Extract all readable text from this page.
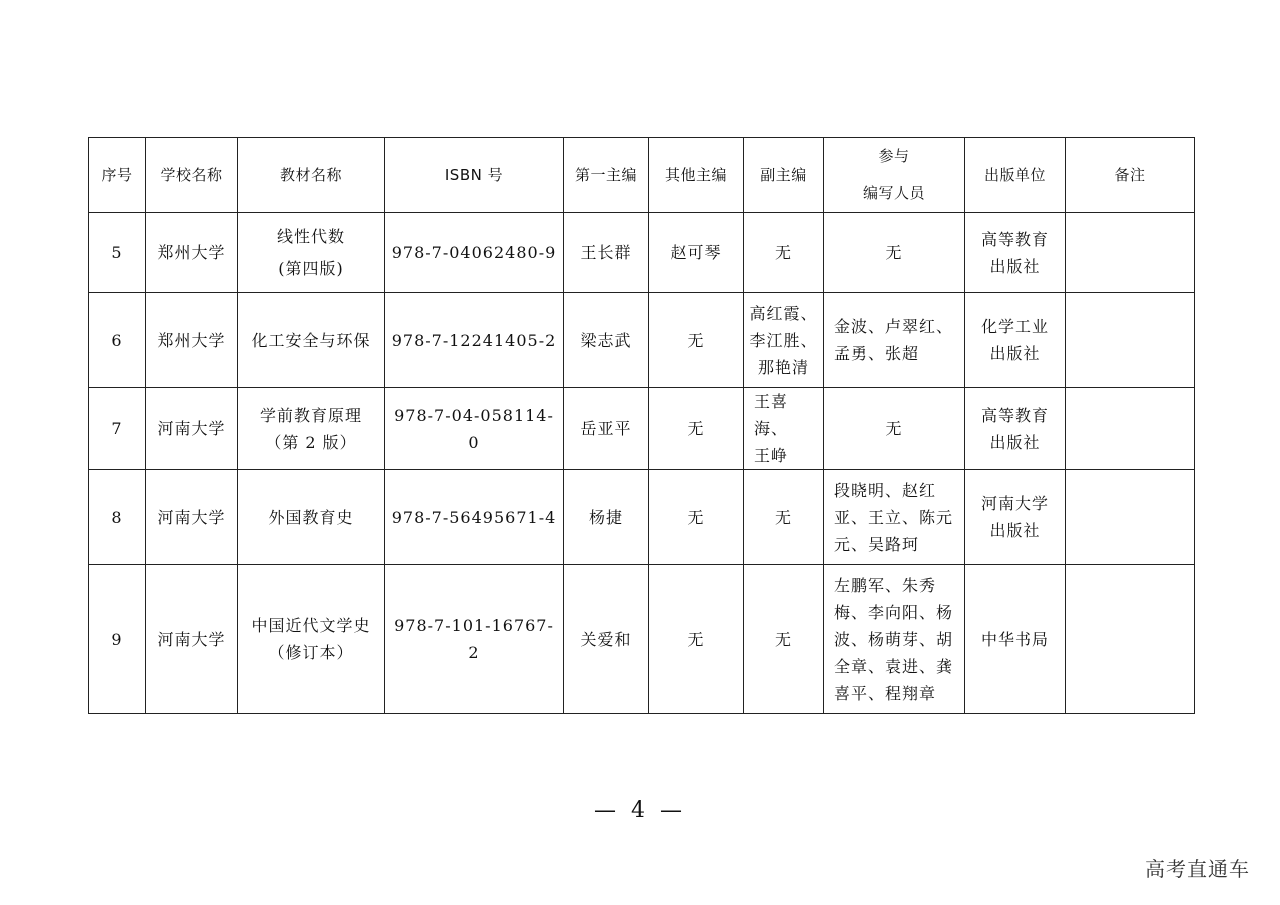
序号	学校名称	教材名称	ISBN 号	第一主编	其他主编	副主编	参与
编写人员	出版单位	备注
5	郑州大学	线性代数
(第四版)	978-7-04062480-9	王长群	赵可琴	无	无	高等教育
出版社	

6	郑州大学	化工安全与环保	978-7-12241405-2	梁志武	无	高红霞、
李江胜、
那艳清	金波、卢翠红、
孟勇、张超	化学工业
出版社	

7	河南大学	学前教育原理
（第 2 版）	978-7-04-058114-0	岳亚平	无	王喜海、
王峥	无	高等教育
出版社	

8	河南大学	外国教育史	978-7-56495671-4	杨捷	无	无	段晓明、赵红
亚、王立、陈元
元、吴路珂	河南大学
出版社	

9	河南大学	中国近代文学史
（修订本）	978-7-101-16767-2	关爱和	无	无	左鹏军、朱秀
梅、李向阳、杨
波、杨萌芽、胡
全章、袁进、龚
喜平、程翔章	中华书局	

— 4 —
高考直通车
